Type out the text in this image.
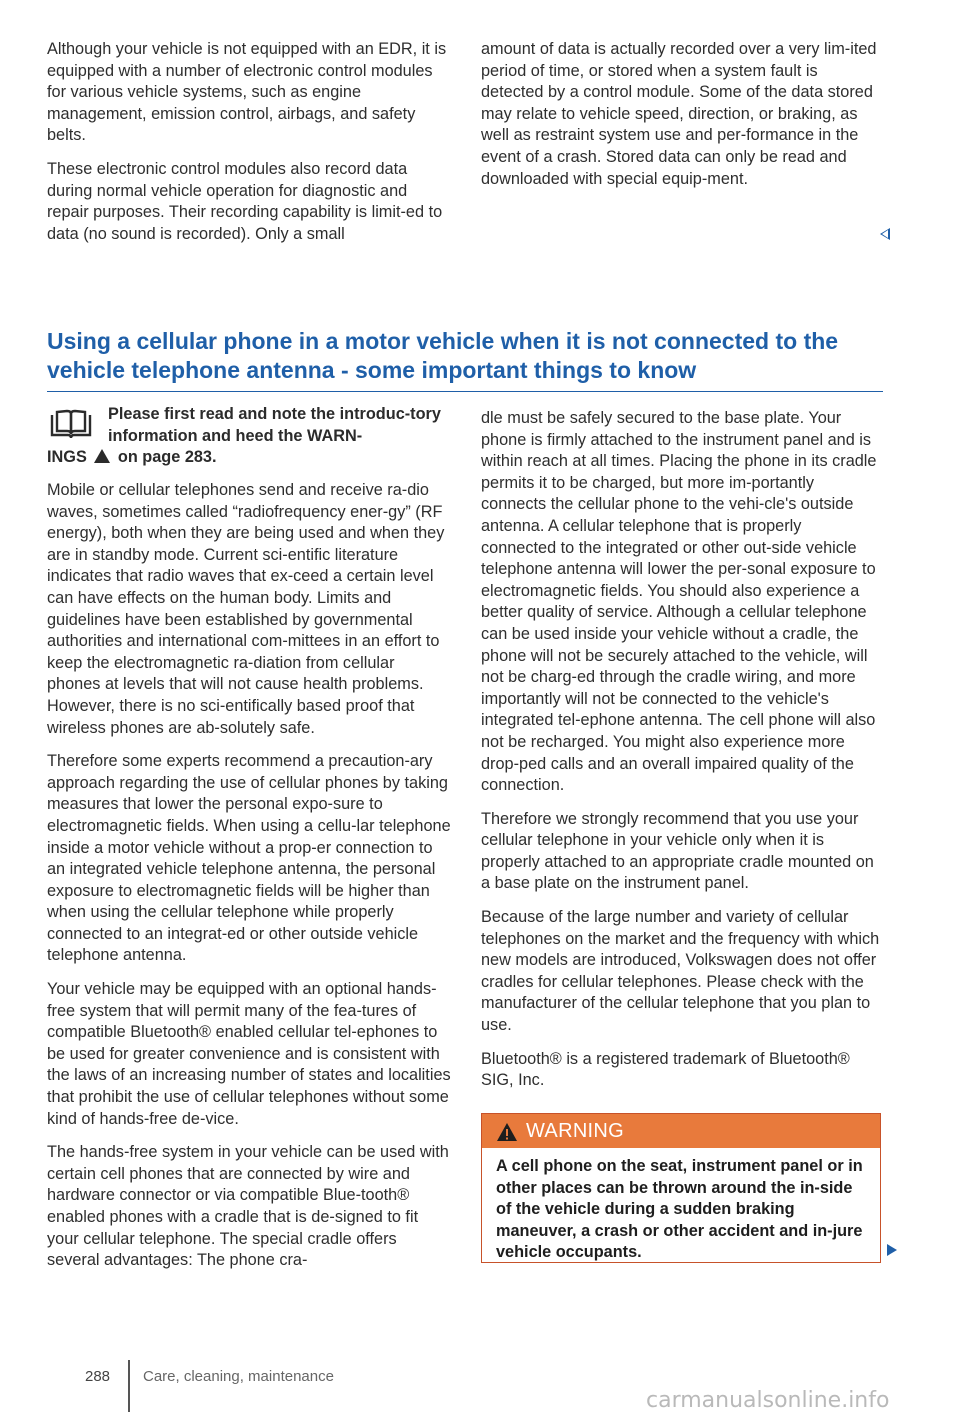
Although your vehicle is not equipped with an EDR, it is equipped with a number of electronic control modules for various vehicle systems, such as engine management, emission control, airbags, and safety belts.

These electronic control modules also record data during normal vehicle operation for diagnostic and repair purposes. Their recording capability is limit-ed to data (no sound is recorded). Only a small

amount of data is actually recorded over a very lim-ited period of time, or stored when a system fault is detected by a control module. Some of the data stored may relate to vehicle speed, direction, or braking, as well as restraint system use and per-formance in the event of a crash. Stored data can only be read and downloaded with special equip-ment.

Using a cellular phone in a motor vehicle when it is not connected to the vehicle telephone antenna - some important things to know
Please first read and note the introduc-tory information and heed the WARN-
INGS on page 283.

Mobile or cellular telephones send and receive ra-dio waves, sometimes called “radiofrequency ener-gy” (RF energy), both when they are being used and when they are in standby mode. Current sci-entific literature indicates that radio waves that ex-ceed a certain level can have effects on the human body. Limits and guidelines have been established by governmental authorities and international com-mittees in an effort to keep the electromagnetic ra-diation from cellular phones at levels that will not cause health problems. However, there is no sci-entifically based proof that wireless phones are ab-solutely safe.

Therefore some experts recommend a precaution-ary approach regarding the use of cellular phones by taking measures that lower the personal expo-sure to electromagnetic fields. When using a cellu-lar telephone inside a motor vehicle without a prop-er connection to an integrated vehicle telephone antenna, the personal exposure to electromagnetic fields will be higher than when using the cellular telephone while properly connected to an integrat-ed or other outside vehicle telephone antenna.

Your vehicle may be equipped with an optional hands-free system that will permit many of the fea-tures of compatible Bluetooth® enabled cellular tel-ephones to be used for greater convenience and is consistent with the laws of an increasing number of states and localities that prohibit the use of cellular telephones without some kind of hands-free de-vice.

The hands-free system in your vehicle can be used with certain cell phones that are connected by wire and hardware connector or via compatible Blue-tooth® enabled phones with a cradle that is de-signed to fit your cellular telephone. The special cradle offers several advantages: The phone cra-

dle must be safely secured to the base plate. Your phone is firmly attached to the instrument panel and is within reach at all times. Placing the phone in its cradle permits it to be charged, but more im-portantly connects the cellular phone to the vehi-cle's outside antenna. A cellular telephone that is properly connected to the integrated or other out-side vehicle telephone antenna will lower the per-sonal exposure to electromagnetic fields. You should also experience a better quality of service. Although a cellular telephone can be used inside your vehicle without a cradle, the phone will not be securely attached to the vehicle, will not be charg-ed through the cradle wiring, and more importantly will not be connected to the vehicle's integrated tel-ephone antenna. The cell phone will also not be recharged. You might also experience more drop-ped calls and an overall impaired quality of the connection.

Therefore we strongly recommend that you use your cellular telephone in your vehicle only when it is properly attached to an appropriate cradle mounted on a base plate on the instrument panel.

Because of the large number and variety of cellular telephones on the market and the frequency with which new models are introduced, Volkswagen does not offer cradles for cellular telephones. Please check with the manufacturer of the cellular telephone that you plan to use.

Bluetooth® is a registered trademark of Bluetooth® SIG, Inc.

WARNING
A cell phone on the seat, instrument panel or in other places can be thrown around the in-side of the vehicle during a sudden braking maneuver, a crash or other accident and in-jure vehicle occupants.
288 Care, cleaning, maintenance
carmanualsonline.info
